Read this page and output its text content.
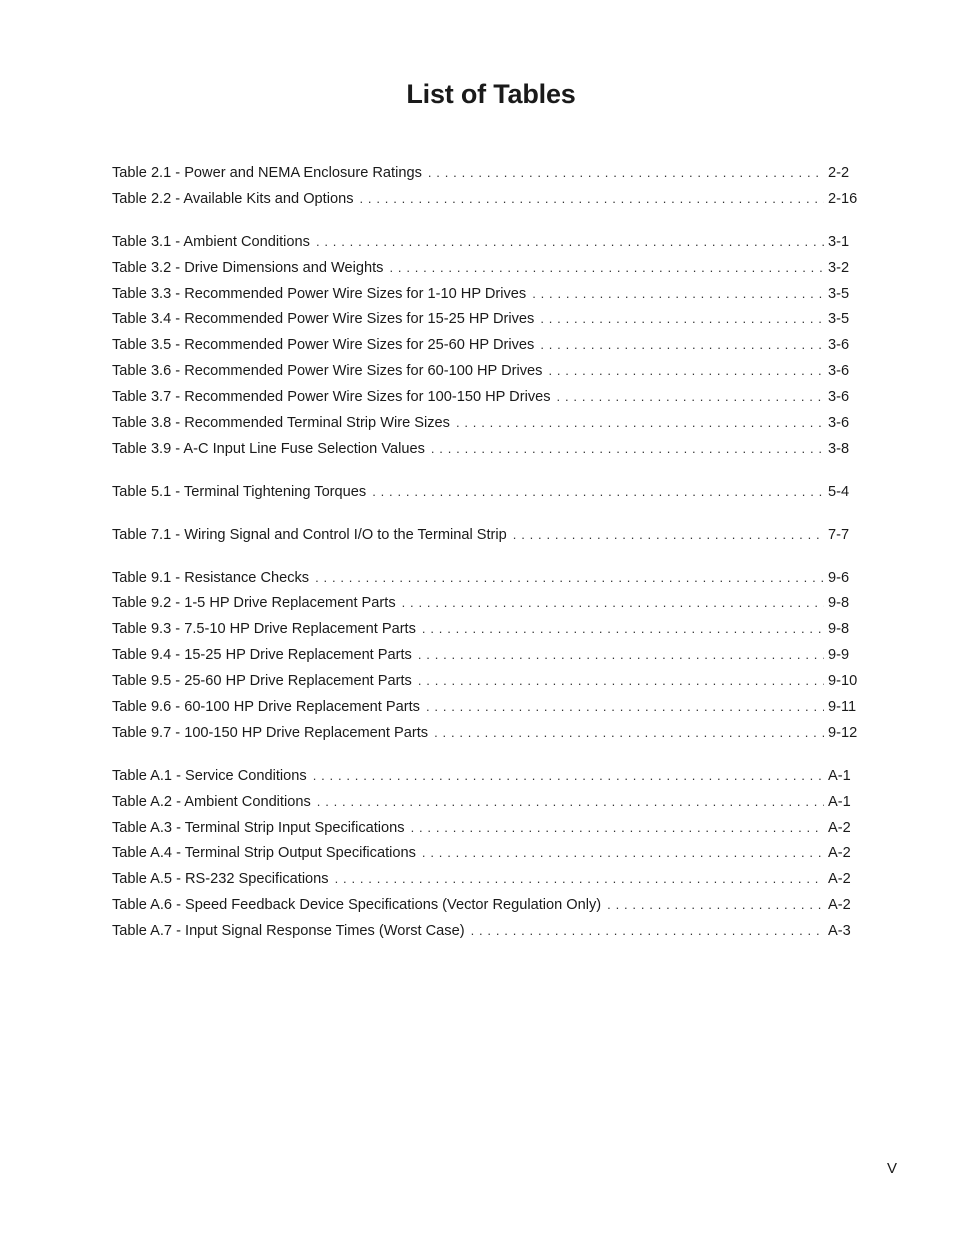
List of Tables
Table 2.1 - Power and NEMA Enclosure Ratings . . .	2-2
Table 2.2 - Available Kits and Options . . .	2-16
Table 3.1 - Ambient Conditions . . .	3-1
Table 3.2 - Drive Dimensions and Weights . . .	3-2
Table 3.3 - Recommended Power Wire Sizes for 1-10 HP Drives . . .	3-5
Table 3.4 - Recommended Power Wire Sizes for 15-25 HP Drives . . .	3-5
Table 3.5 - Recommended Power Wire Sizes for 25-60 HP Drives . . .	3-6
Table 3.6 - Recommended Power Wire Sizes for 60-100 HP Drives . . .	3-6
Table 3.7 - Recommended Power Wire Sizes for 100-150 HP Drives . . .	3-6
Table 3.8 - Recommended Terminal Strip Wire Sizes . . .	3-6
Table 3.9 - A-C Input Line Fuse Selection Values . . .	3-8
Table 5.1 - Terminal Tightening Torques . . .	5-4
Table 7.1 - Wiring Signal and Control I/O to the Terminal Strip . . .	7-7
Table 9.1 - Resistance Checks . . .	9-6
Table 9.2 - 1-5 HP Drive Replacement Parts . . .	9-8
Table 9.3 - 7.5-10 HP Drive Replacement Parts . . .	9-8
Table 9.4 - 15-25 HP Drive Replacement Parts . . .	9-9
Table 9.5 - 25-60 HP Drive Replacement Parts . . .	9-10
Table 9.6 - 60-100 HP Drive Replacement Parts . . .	9-11
Table 9.7 - 100-150 HP Drive Replacement Parts . . .	9-12
Table A.1 - Service Conditions . . .	A-1
Table A.2 - Ambient Conditions . . .	A-1
Table A.3 - Terminal Strip Input Specifications . . .	A-2
Table A.4 - Terminal Strip Output Specifications . . .	A-2
Table A.5 - RS-232 Specifications . . .	A-2
Table A.6 - Speed Feedback Device Specifications (Vector Regulation Only) . . .	A-2
Table A.7 - Input Signal Response Times (Worst Case) . . .	A-3
V
